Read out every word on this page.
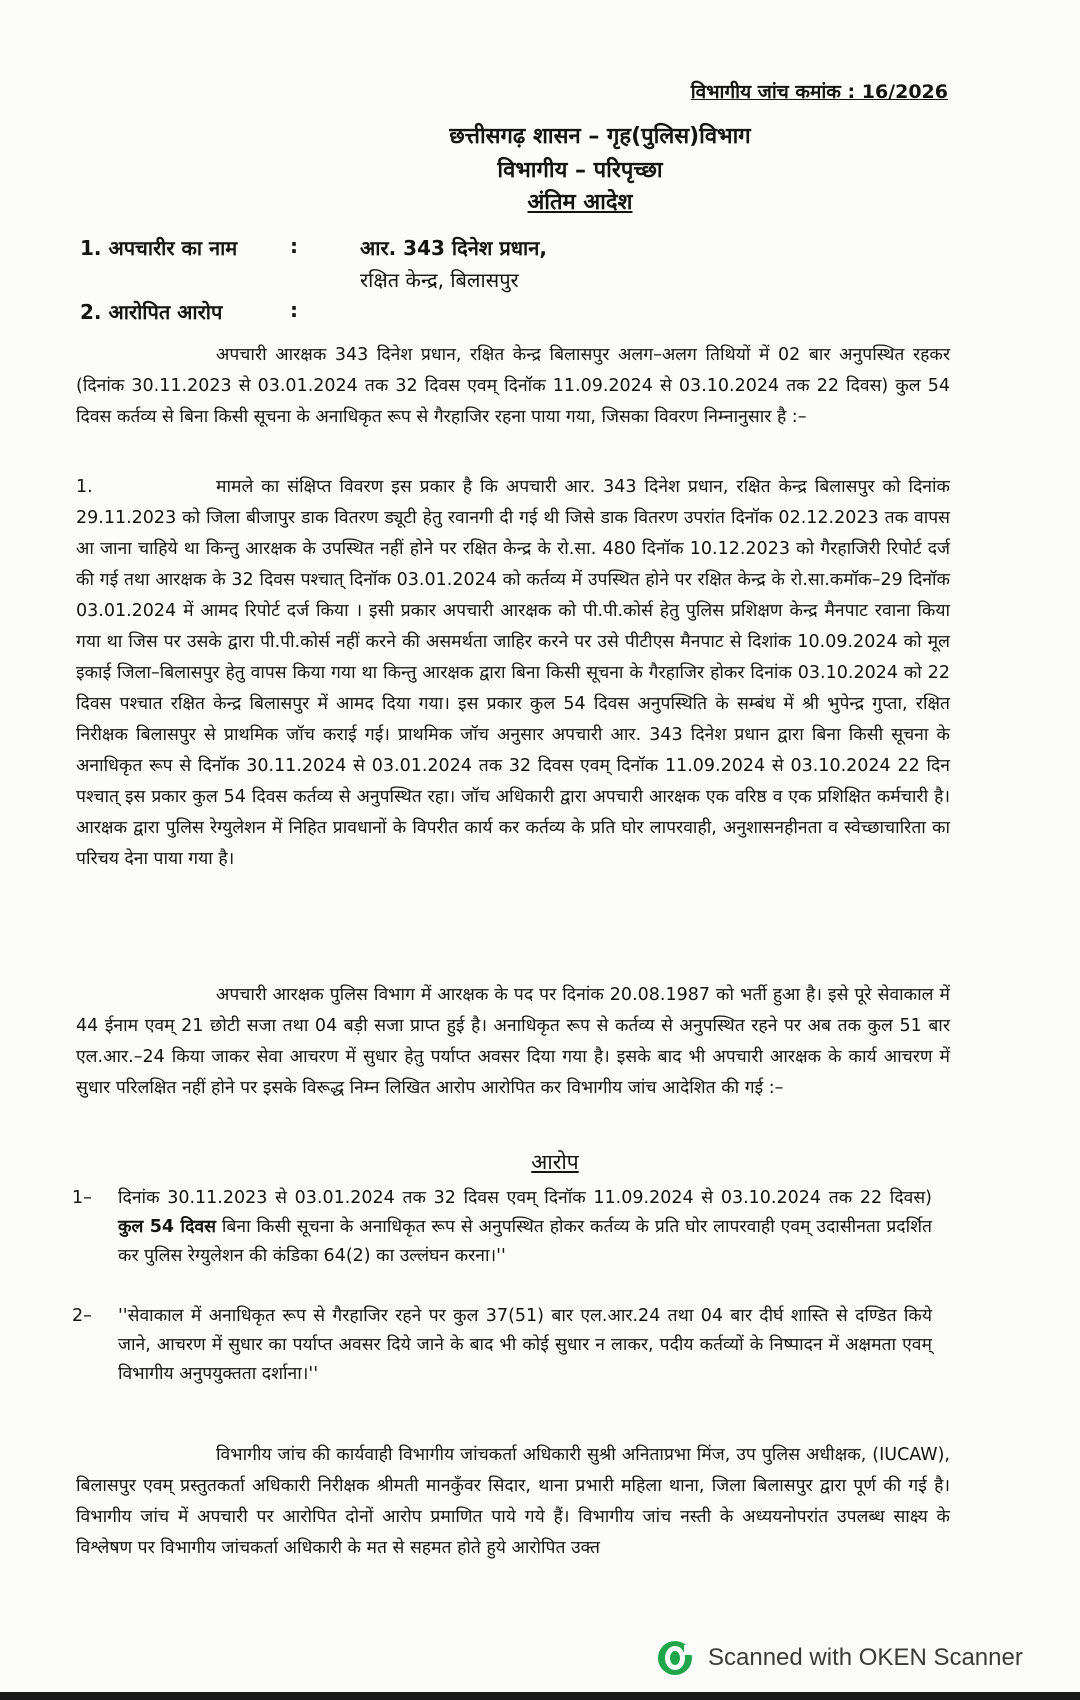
विभागीय जांच कमांक : 16/2026
छत्तीसगढ़ शासन – गृह(पुलिस)विभाग
विभागीय – परिपृच्छा
अंतिम आदेश
1. अपचारीर का नाम	:	आर. 343 दिनेश प्रधान,
रक्षित केन्द्र, बिलासपुर
2. आरोपित आरोप	:
अपचारी आरक्षक 343 दिनेश प्रधान, रक्षित केन्द्र बिलासपुर अलग–अलग तिथियों में 02 बार अनुपस्थित रहकर (दिनांक 30.11.2023 से 03.01.2024 तक 32 दिवस एवम् दिनॉक 11.09.2024 से 03.10.2024 तक 22 दिवस) कुल 54 दिवस कर्तव्य से बिना किसी सूचना के अनाधिकृत रूप से गैरहाजिर रहना पाया गया, जिसका विवरण निम्नानुसार है :–
1.	मामले का संक्षिप्त विवरण इस प्रकार है कि अपचारी आर. 343 दिनेश प्रधान, रक्षित केन्द्र बिलासपुर को दिनांक 29.11.2023 को जिला बीजापुर डाक वितरण ड्यूटी हेतु रवानगी दी गई थी जिसे डाक वितरण उपरांत दिनॉक 02.12.2023 तक वापस आ जाना चाहिये था किन्तु आरक्षक के उपस्थित नहीं होने पर रक्षित केन्द्र के रो.सा. 480 दिनॉक 10.12.2023 को गैरहाजिरी रिपोर्ट दर्ज की गई तथा आरक्षक के 32 दिवस पश्चात् दिनॉक 03.01.2024 को कर्तव्य में उपस्थित होने पर रक्षित केन्द्र के रो.सा.कमॉक–29 दिनॉक 03.01.2024 में आमद रिपोर्ट दर्ज किया । इसी प्रकार अपचारी आरक्षक को पी.पी.कोर्स हेतु पुलिस प्रशिक्षण केन्द्र मैनपाट रवाना किया गया था जिस पर उसके द्वारा पी.पी.कोर्स नहीं करने की असमर्थता जाहिर करने पर उसे पीटीएस मैनपाट से दिशांक 10.09.2024 को मूल इकाई जिला–बिलासपुर हेतु वापस किया गया था किन्तु आरक्षक द्वारा बिना किसी सूचना के गैरहाजिर होकर दिनांक 03.10.2024 को 22 दिवस पश्चात रक्षित केन्द्र बिलासपुर में आमद दिया गया। इस प्रकार कुल 54 दिवस अनुपस्थिति के सम्बंध में श्री भुपेन्द्र गुप्ता, रक्षित निरीक्षक बिलासपुर से प्राथमिक जॉच कराई गई। प्राथमिक जॉच अनुसार अपचारी आर. 343 दिनेश प्रधान द्वारा बिना किसी सूचना के अनाधिकृत रूप से दिनॉक 30.11.2024 से 03.01.2024 तक 32 दिवस एवम् दिनॉक 11.09.2024 से 03.10.2024 22 दिन पश्चात् इस प्रकार कुल 54 दिवस कर्तव्य से अनुपस्थित रहा। जॉच अधिकारी द्वारा अपचारी आरक्षक एक वरिष्ठ व एक प्रशिक्षित कर्मचारी है। आरक्षक द्वारा पुलिस रेग्युलेशन में निहित प्रावधानों के विपरीत कार्य कर कर्तव्य के प्रति घोर लापरवाही, अनुशासनहीनता व स्वेच्छाचारिता का परिचय देना पाया गया है।
अपचारी आरक्षक पुलिस विभाग में आरक्षक के पद पर दिनांक 20.08.1987 को भर्ती हुआ है। इसे पूरे सेवाकाल में 44 ईनाम एवम् 21 छोटी सजा तथा 04 बड़ी सजा प्राप्त हुई है। अनाधिकृत रूप से कर्तव्य से अनुपस्थित रहने पर अब तक कुल 51 बार एल.आर.–24 किया जाकर सेवा आचरण में सुधार हेतु पर्याप्त अवसर दिया गया है। इसके बाद भी अपचारी आरक्षक के कार्य आचरण में सुधार परिलक्षित नहीं होने पर इसके विरूद्ध निम्न लिखित आरोप आरोपित कर विभागीय जांच आदेशित की गई :–
आरोप
1–	दिनांक 30.11.2023 से 03.01.2024 तक 32 दिवस एवम् दिनॉक 11.09.2024 से 03.10.2024 तक 22 दिवस) कुल 54 दिवस बिना किसी सूचना के अनाधिकृत रूप से अनुपस्थित होकर कर्तव्य के प्रति घोर लापरवाही एवम् उदासीनता प्रदर्शित कर पुलिस रेग्युलेशन की कंडिका 64(2) का उल्लंघन करना।''
2–	''सेवाकाल में अनाधिकृत रूप से गैरहाजिर रहने पर कुल 37(51) बार एल.आर.24 तथा 04 बार दीर्घ शास्ति से दण्डित किये जाने, आचरण में सुधार का पर्याप्त अवसर दिये जाने के बाद भी कोई सुधार न लाकर, पदीय कर्तव्यों के निष्पादन में अक्षमता एवम् विभागीय अनुपयुक्तता दर्शाना।''
विभागीय जांच की कार्यवाही विभागीय जांचकर्ता अधिकारी सुश्री अनिताप्रभा मिंज, उप पुलिस अधीक्षक, (IUCAW), बिलासपुर एवम् प्रस्तुतकर्ता अधिकारी निरीक्षक श्रीमती मानकुँवर सिदार, थाना प्रभारी महिला थाना, जिला बिलासपुर द्वारा पूर्ण की गई है। विभागीय जांच में अपचारी पर आरोपित दोनों आरोप प्रमाणित पाये गये हैं। विभागीय जांच नस्ती के अध्ययनोपरांत उपलब्ध साक्ष्य के विश्लेषण पर विभागीय जांचकर्ता अधिकारी के मत से सहमत होते हुये आरोपित उक्त
Scanned with OKEN Scanner
